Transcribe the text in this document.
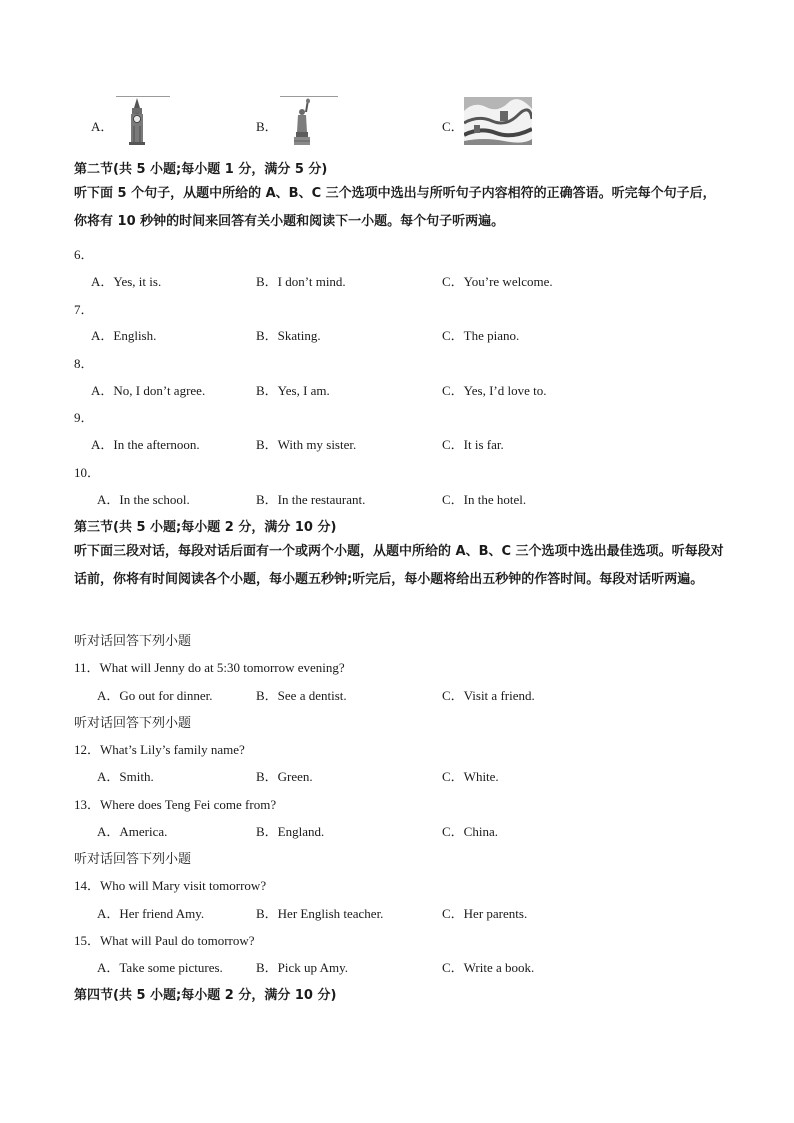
A．	B．	C．
第二节(共 5 小题;每小题 1 分，满分 5 分)
听下面 5 个句子，从题中所给的 A、B、C 三个选项中选出与所听句子内容相符的正确答语。听完每个句子后，你将有 10 秒钟的时间来回答有关小题和阅读下一小题。每个句子听两遍。
6．
A．Yes, it is.	B．I don’t mind.	C．You’re welcome.
7．
A．English.	B．Skating.	C．The piano.
8．
A．No, I don’t agree.	B．Yes, I am.	C．Yes, I’d love to.
9．
A．In the afternoon.	B．With my sister.	C．It is far.
10．
A．In the school.	B．In the restaurant.	C．In the hotel.
第三节(共 5 小题;每小题 2 分，满分 10 分)
听下面三段对话，每段对话后面有一个或两个小题，从题中所给的 A、B、C 三个选项中选出最佳选项。听每段对话前，你将有时间阅读各个小题，每小题五秒钟;听完后，每小题将给出五秒钟的作答时间。每段对话听两遍。
听对话回答下列小题
11．What will Jenny do at 5:30 tomorrow evening?
A．Go out for dinner.	B．See a dentist.	C．Visit a friend.
听对话回答下列小题
12．What’s Lily’s family name?
A．Smith.	B．Green.	C．White.
13．Where does Teng Fei come from?
A．America.	B．England.	C．China.
听对话回答下列小题
14．Who will Mary visit tomorrow?
A．Her friend Amy.	B．Her English teacher.	C．Her parents.
15．What will Paul do tomorrow?
A．Take some pictures.	B．Pick up Amy.	C．Write a book.
第四节(共 5 小题;每小题 2 分，满分 10 分)
